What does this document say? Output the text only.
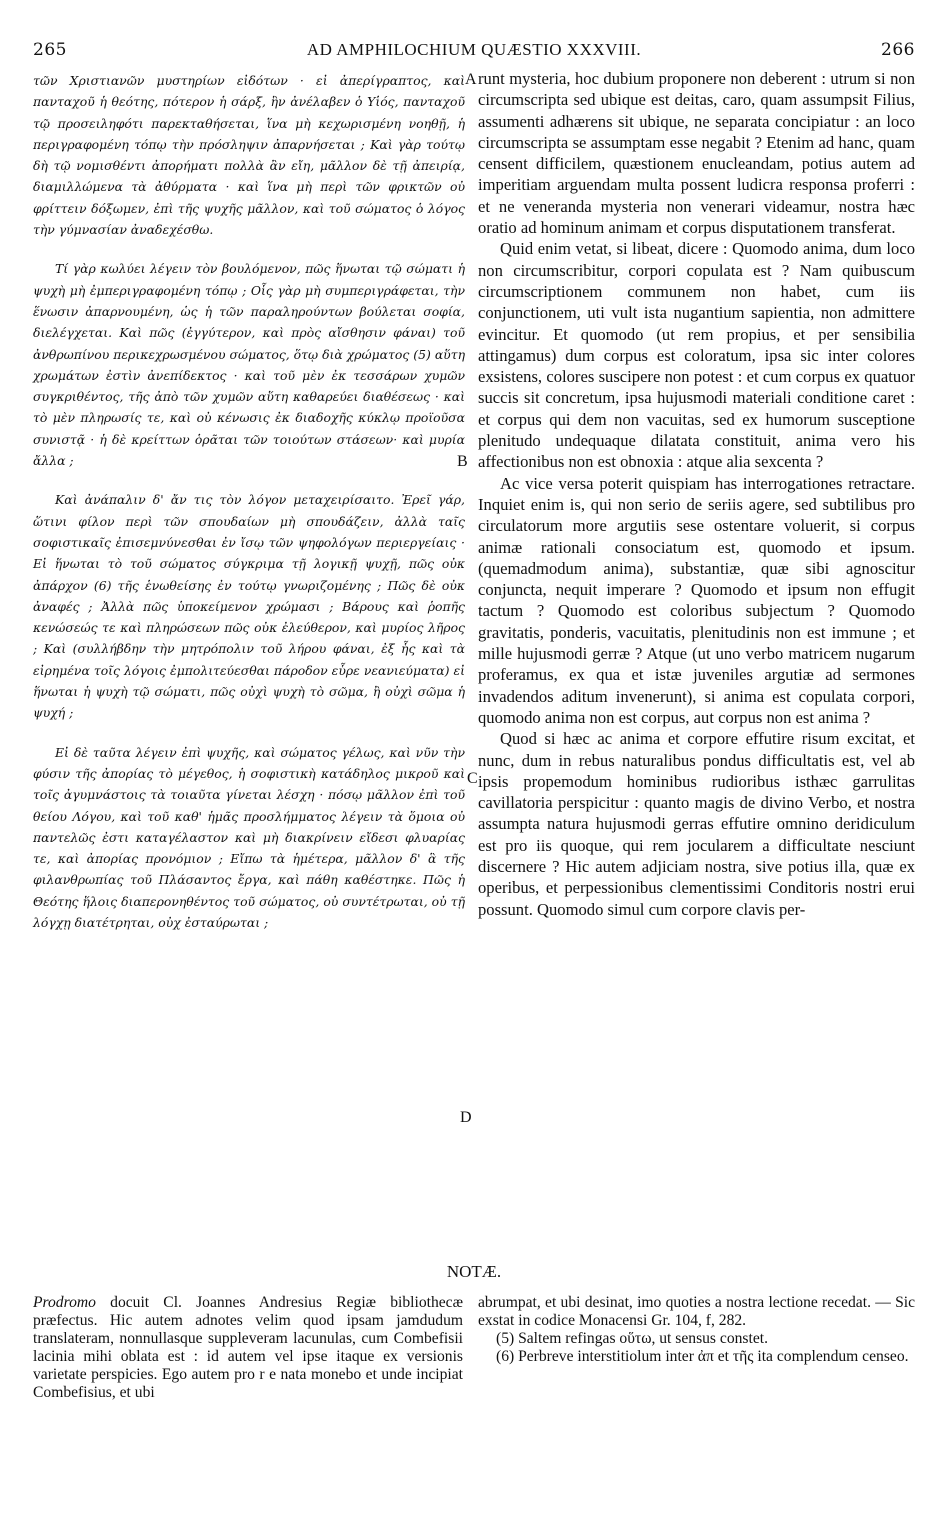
265	AD AMPHILOCHIUM QUÆSTIO XXXVIII.	266

τῶν Χριστιανῶν μυστηρίων εἰδότων · εἰ ἀπερίγραπτος, καὶ πανταχοῦ ἡ θεότης, πότερον ἡ σάρξ, ἣν ἀνέλαβεν ὁ Υἱός, πανταχοῦ τῷ προσειληφότι παρεκταθήσεται, ἵνα μὴ κεχωρισμένη νοηθῇ, ἡ περιγραφομένη τόπῳ τὴν πρόσληψιν ἀπαρνήσεται ; Καὶ γὰρ τούτῳ δὴ τῷ νομισθέντι ἀπορήματι πολλὰ ἂν εἴη, μᾶλλον δὲ τῇ ἀπειρίᾳ, διαμιλλώμενα τὰ ἀθύρματα · καὶ ἵνα μὴ περὶ τῶν φρικτῶν οὐ φρίττειν δόξωμεν, ἐπὶ τῆς ψυχῆς μᾶλλον, καὶ τοῦ σώματος ὁ λόγος τὴν γύμνασίαν ἀναδεχέσθω.

Τί γὰρ κωλύει λέγειν τὸν βουλόμενον, πῶς ἥνωται τῷ σώματι ἡ ψυχὴ μὴ ἐμπεριγραφομένη τόπῳ ; Οἷς γὰρ μὴ συμπεριγράφεται, τὴν ἕνωσιν ἀπαρνουμένη, ὡς ἡ τῶν παραληρούντων βούλεται σοφία, διελέγχεται. Καὶ πῶς (ἐγγύτερον, καὶ πρὸς αἴσθησιν φάναι) τοῦ ἀνθρωπίνου περικεχρωσμένου σώματος, ὅτῳ διὰ χρώματος (5) αὕτη χρωμάτων ἐστὶν ἀνεπίδεκτος · καὶ τοῦ μὲν ἐκ τεσσάρων χυμῶν συγκριθέντος, τῆς ἀπὸ τῶν χυμῶν αὕτη καθαρεύει διαθέσεως · καὶ τὸ μὲν πληρωσίς τε, καὶ οὐ κένωσις ἐκ διαδοχῆς κύκλῳ προϊοῦσα συνιστᾷ · ἡ δὲ κρείττων ὁρᾶται τῶν τοιούτων στάσεων· καὶ μυρία ἄλλα ;

Καὶ ἀνάπαλιν δ' ἄν τις τὸν λόγον μεταχειρίσαιτο. Ἐρεῖ γάρ, ὥτινι φίλον περὶ τῶν σπουδαίων μὴ σπουδάζειν, ἀλλὰ ταῖς σοφιστικαῖς ἐπισεμνύνεσθαι ἐν ἴσῳ τῶν ψηφολόγων περιεργείαις · Εἰ ἥνωται τὸ τοῦ σώματος σύγκριμα τῇ λογικῇ ψυχῇ, πῶς οὐκ ἀπάρχον (6) τῆς ἑνωθείσης ἐν τούτῳ γνωριζομένης ; Πῶς δὲ οὐκ ἀναφές ; Ἀλλὰ πῶς ὑποκείμενον χρώμασι ; Βάρους καὶ ῥοπῆς κενώσεώς τε καὶ πληρώσεων πῶς οὐκ ἐλεύθερον, καὶ μυρίος λῆρος ; Καὶ (συλλήβδην τὴν μητρόπολιν τοῦ λήρου φάναι, ἐξ ἧς καὶ τὰ εἰρημένα τοῖς λόγοις ἐμπολιτεύεσθαι πάροδον εὗρε νεανιεύματα) εἰ ἥνωται ἡ ψυχὴ τῷ σώματι, πῶς οὐχὶ ψυχὴ τὸ σῶμα, ἢ οὐχὶ σῶμα ἡ ψυχή ;

Εἰ δὲ ταῦτα λέγειν ἐπὶ ψυχῆς, καὶ σώματος γέλως, καὶ νῦν τὴν φύσιν τῆς ἀπορίας τὸ μέγεθος, ἡ σοφιστικὴ κατάδηλος μικροῦ καὶ τοῖς ἀγυμνάστοις τὰ τοιαῦτα γίνεται λέσχη · πόσῳ μᾶλλον ἐπὶ τοῦ θείου Λόγου, καὶ τοῦ καθ' ἡμᾶς προσλήμματος λέγειν τὰ ὅμοια οὐ παντελῶς ἐστι καταγέλαστον καὶ μὴ διακρίνειν εἴδεσι φλυαρίας τε, καὶ ἀπορίας προνόμιον ; Εἴπω τὰ ἡμέτερα, μᾶλλον δ' ἃ τῆς φιλανθρωπίας τοῦ Πλάσαντος ἔργα, καὶ πάθη καθέστηκε. Πῶς ἡ Θεότης ἥλοις διαπερονηθέντος τοῦ σώματος, οὐ συντέτρωται, οὐ τῇ λόγχῃ διατέτρηται, οὐχ ἐσταύρωται ;

A
B
C
D

runt mysteria, hoc dubium proponere non deberent : utrum si non circumscripta sed ubique est deitas, caro, quam assumpsit Filius, assumenti adhærens sit ubique, ne separata concipiatur : an loco circumscripta se assumptam esse negabit ? Etenim ad hanc, quam censent difficilem, quæstionem enucleandam, potius autem ad imperitiam arguendam multa possent ludicra responsa proferri : et ne veneranda mysteria non venerari videamur, nostra hæc oratio ad hominum animam et corpus disputationem transferat.

Quid enim vetat, si libeat, dicere : Quomodo anima, dum loco non circumscribitur, corpori copulata est ? Nam quibuscum circumscriptionem communem non habet, cum iis conjunctionem, uti vult ista nugantium sapientia, non admittere evincitur. Et quomodo (ut rem propius, et per sensibilia attingamus) dum corpus est coloratum, ipsa sic inter colores exsistens, colores suscipere non potest : et cum corpus ex quatuor succis sit concretum, ipsa hujusmodi materiali conditione caret : et corpus qui dem non vacuitas, sed ex humorum susceptione plenitudo undequaque dilatata constituit, anima vero his affectionibus non est obnoxia : atque alia sexcenta ?

Ac vice versa poterit quispiam has interrogationes retractare. Inquiet enim is, qui non serio de seriis agere, sed subtilibus pro circulatorum more argutiis sese ostentare voluerit, si corpus animæ rationali consociatum est, quomodo et ipsum. (quemadmodum anima), substantiæ, quæ sibi agnoscitur conjuncta, nequit imperare ? Quomodo et ipsum non effugit tactum ? Quomodo est coloribus subjectum ? Quomodo gravitatis, ponderis, vacuitatis, plenitudinis non est immune ; et mille hujusmodi gerræ ? Atque (ut uno verbo matricem nugarum proferamus, ex qua et istæ juveniles argutiæ ad sermones invadendos aditum invenerunt), si anima est copulata corpori, quomodo anima non est corpus, aut corpus non est anima ?

Quod si hæc ac anima et corpore effutire risum excitat, et nunc, dum in rebus naturalibus pondus difficultatis est, vel ab ipsis propemodum hominibus rudioribus isthæc garrulitas cavillatoria perspicitur : quanto magis de divino Verbo, et nostra assumpta natura hujusmodi gerras effutire omnino deridiculum est pro iis quoque, qui rem jocularem a difficultate nesciunt discernere ? Hic autem adjiciam nostra, sive potius illa, quæ ex operibus, et perpessionibus clementissimi Conditoris nostri erui possunt. Quomodo simul cum corpore clavis per-

NOTÆ.

Prodromo docuit Cl. Joannes Andresius Regiæ bibliothecæ præfectus. Hic autem adnotes velim quod ipsam jamdudum translateram, nonnullasque suppleveram lacunulas, cum Combefisii lacinia mihi oblata est : id autem vel ipse itaque ex versionis varietate perspicies. Ego autem pro r e nata monebo et unde incipiat Combefisius, et ubi

abrumpat, et ubi desinat, imo quoties a nostra lectione recedat. — Sic exstat in codice Monacensi Gr. 104, f, 282.

(5) Saltem refingas οὕτω, ut sensus constet.

(6) Perbreve interstitiolum inter ἀπ et τῆς ita complendum censeo.
